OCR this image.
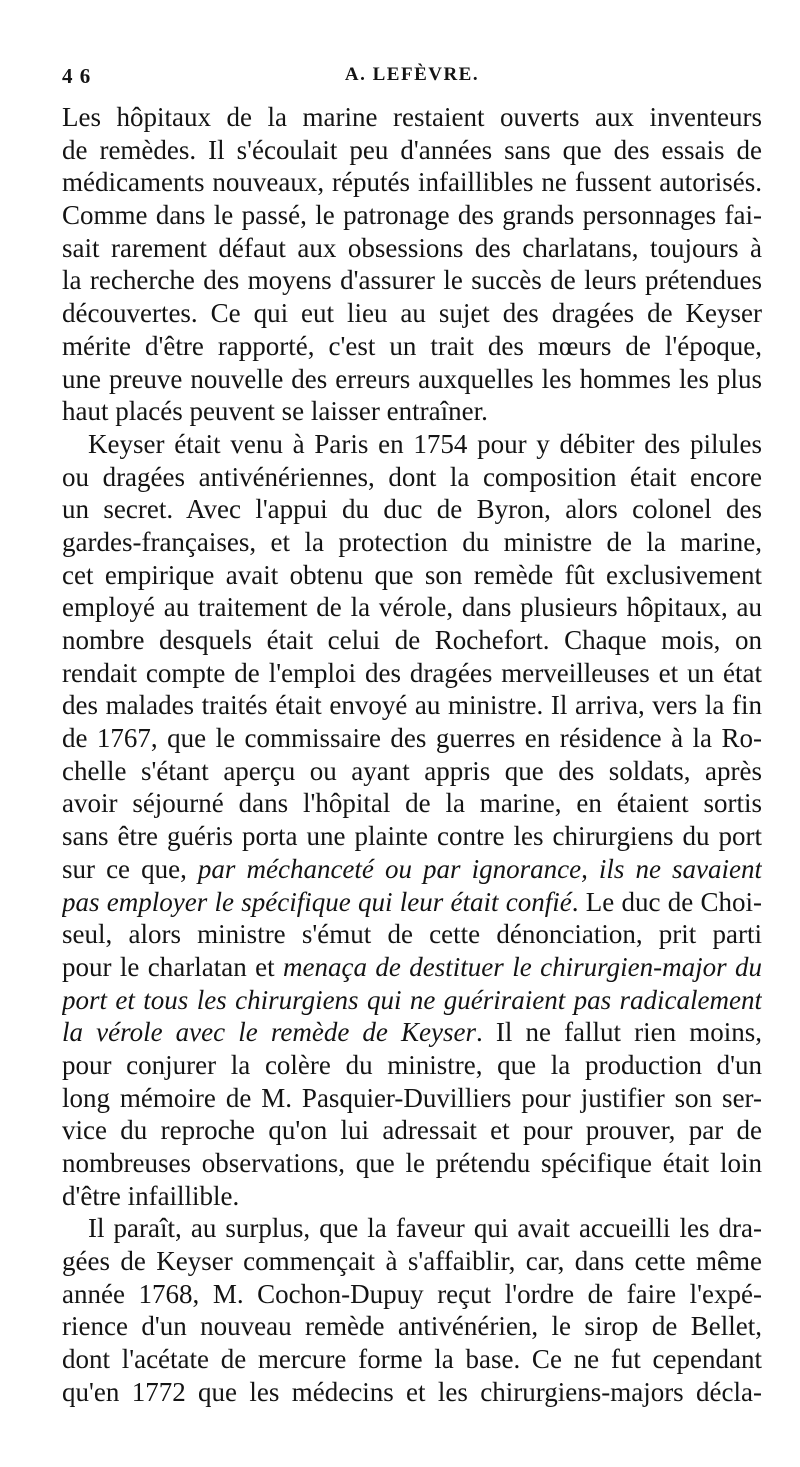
4 6	A. LEFÈVRE.
Les hôpitaux de la marine restaient ouverts aux inventeurs
de remèdes. Il s'écoulait peu d'années sans que des essais de
médicaments nouveaux, réputés infaillibles ne fussent autorisés.
Comme dans le passé, le patronage des grands personnages fai-
sait rarement défaut aux obsessions des charlatans, toujours à
la recherche des moyens d'assurer le succès de leurs prétendues
découvertes. Ce qui eut lieu au sujet des dragées de Keyser
mérite d'être rapporté, c'est un trait des mœurs de l'époque,
une preuve nouvelle des erreurs auxquelles les hommes les plus
haut placés peuvent se laisser entraîner.
Keyser était venu à Paris en 1754 pour y débiter des pilules
ou dragées antivénériennes, dont la composition était encore
un secret. Avec l'appui du duc de Byron, alors colonel des
gardes-françaises, et la protection du ministre de la marine,
cet empirique avait obtenu que son remède fût exclusivement
employé au traitement de la vérole, dans plusieurs hôpitaux, au
nombre desquels était celui de Rochefort. Chaque mois, on
rendait compte de l'emploi des dragées merveilleuses et un état
des malades traités était envoyé au ministre. Il arriva, vers la fin
de 1767, que le commissaire des guerres en résidence à la Ro-
chelle s'étant aperçu ou ayant appris que des soldats, après
avoir séjourné dans l'hôpital de la marine, en étaient sortis
sans être guéris porta une plainte contre les chirurgiens du port
sur ce que, par méchanceté ou par ignorance, ils ne savaient
pas employer le spécifique qui leur était confié. Le duc de Choi-
seul, alors ministre s'émut de cette dénonciation, prit parti
pour le charlatan et menaça de destituer le chirurgien-major du
port et tous les chirurgiens qui ne guériraient pas radicalement
la vérole avec le remède de Keyser. Il ne fallut rien moins,
pour conjurer la colère du ministre, que la production d'un
long mémoire de M. Pasquier-Duvilliers pour justifier son ser-
vice du reproche qu'on lui adressait et pour prouver, par de
nombreuses observations, que le prétendu spécifique était loin
d'être infaillible.
Il paraît, au surplus, que la faveur qui avait accueilli les dra-
gées de Keyser commençait à s'affaiblir, car, dans cette même
année 1768, M. Cochon-Dupuy reçut l'ordre de faire l'expé-
rience d'un nouveau remède antivénérien, le sirop de Bellet,
dont l'acétate de mercure forme la base. Ce ne fut cependant
qu'en 1772 que les médecins et les chirurgiens-majors décla-
